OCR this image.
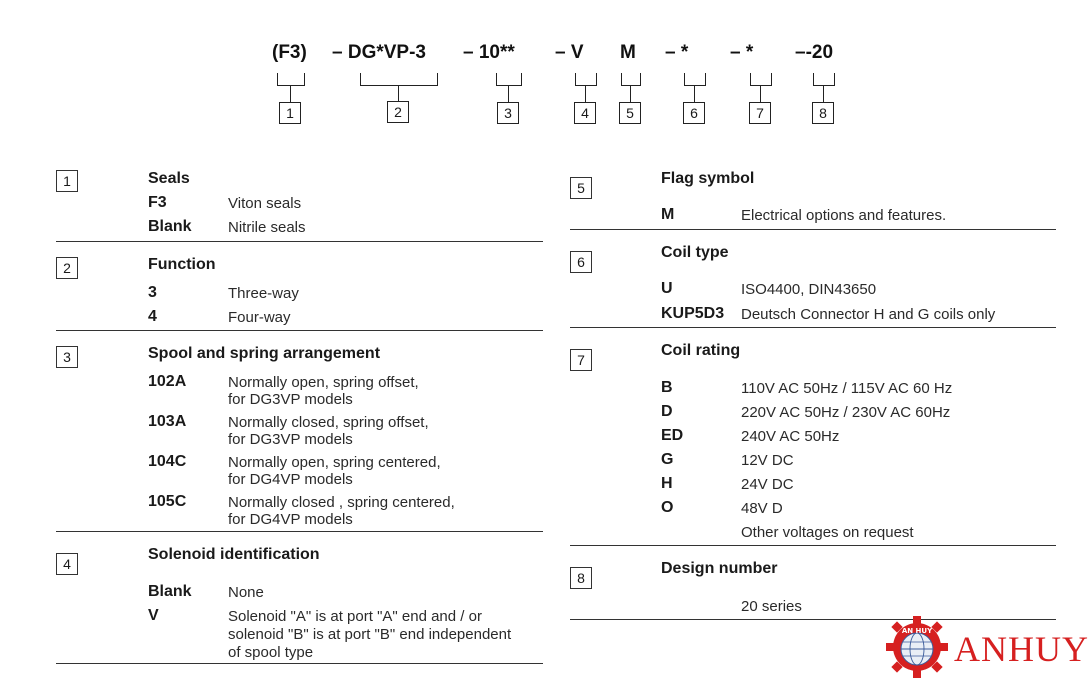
(F3) – DG*VP-3 – 10** – V M – * – * –-20
1	2	3	4	5	6	7	8
1	Seals
F3	Viton seals
Blank Nitrile seals
2	Function
3	Three-way
4	Four-way
3	Spool and spring arrangement
102A	Normally open, spring offset,
for DG3VP models
103A	Normally closed, spring offset,
for DG3VP models
104C	Normally open, spring centered,
for DG4VP models
105C	Normally closed , spring centered,
for DG4VP models
4
Solenoid identification
Blank None
V	Solenoid "A" is at port "A" end and / or
solenoid "B" is at port "B" end independent
of spool type
5
Flag symbol
M	Electrical options and features.
6
Coil type
U	ISO4400, DIN43650
KUP5D3 Deutsch Connector H and G coils only
7
Coil rating
B	110V AC 50Hz / 115V AC 60 Hz
D	220V AC 50Hz / 230V AC 60Hz
ED	240V AC 50Hz
G	12V DC
H	24V DC
O	48V D
Other voltages on request
8
Design number
20 series
AN HUY ANHUY
